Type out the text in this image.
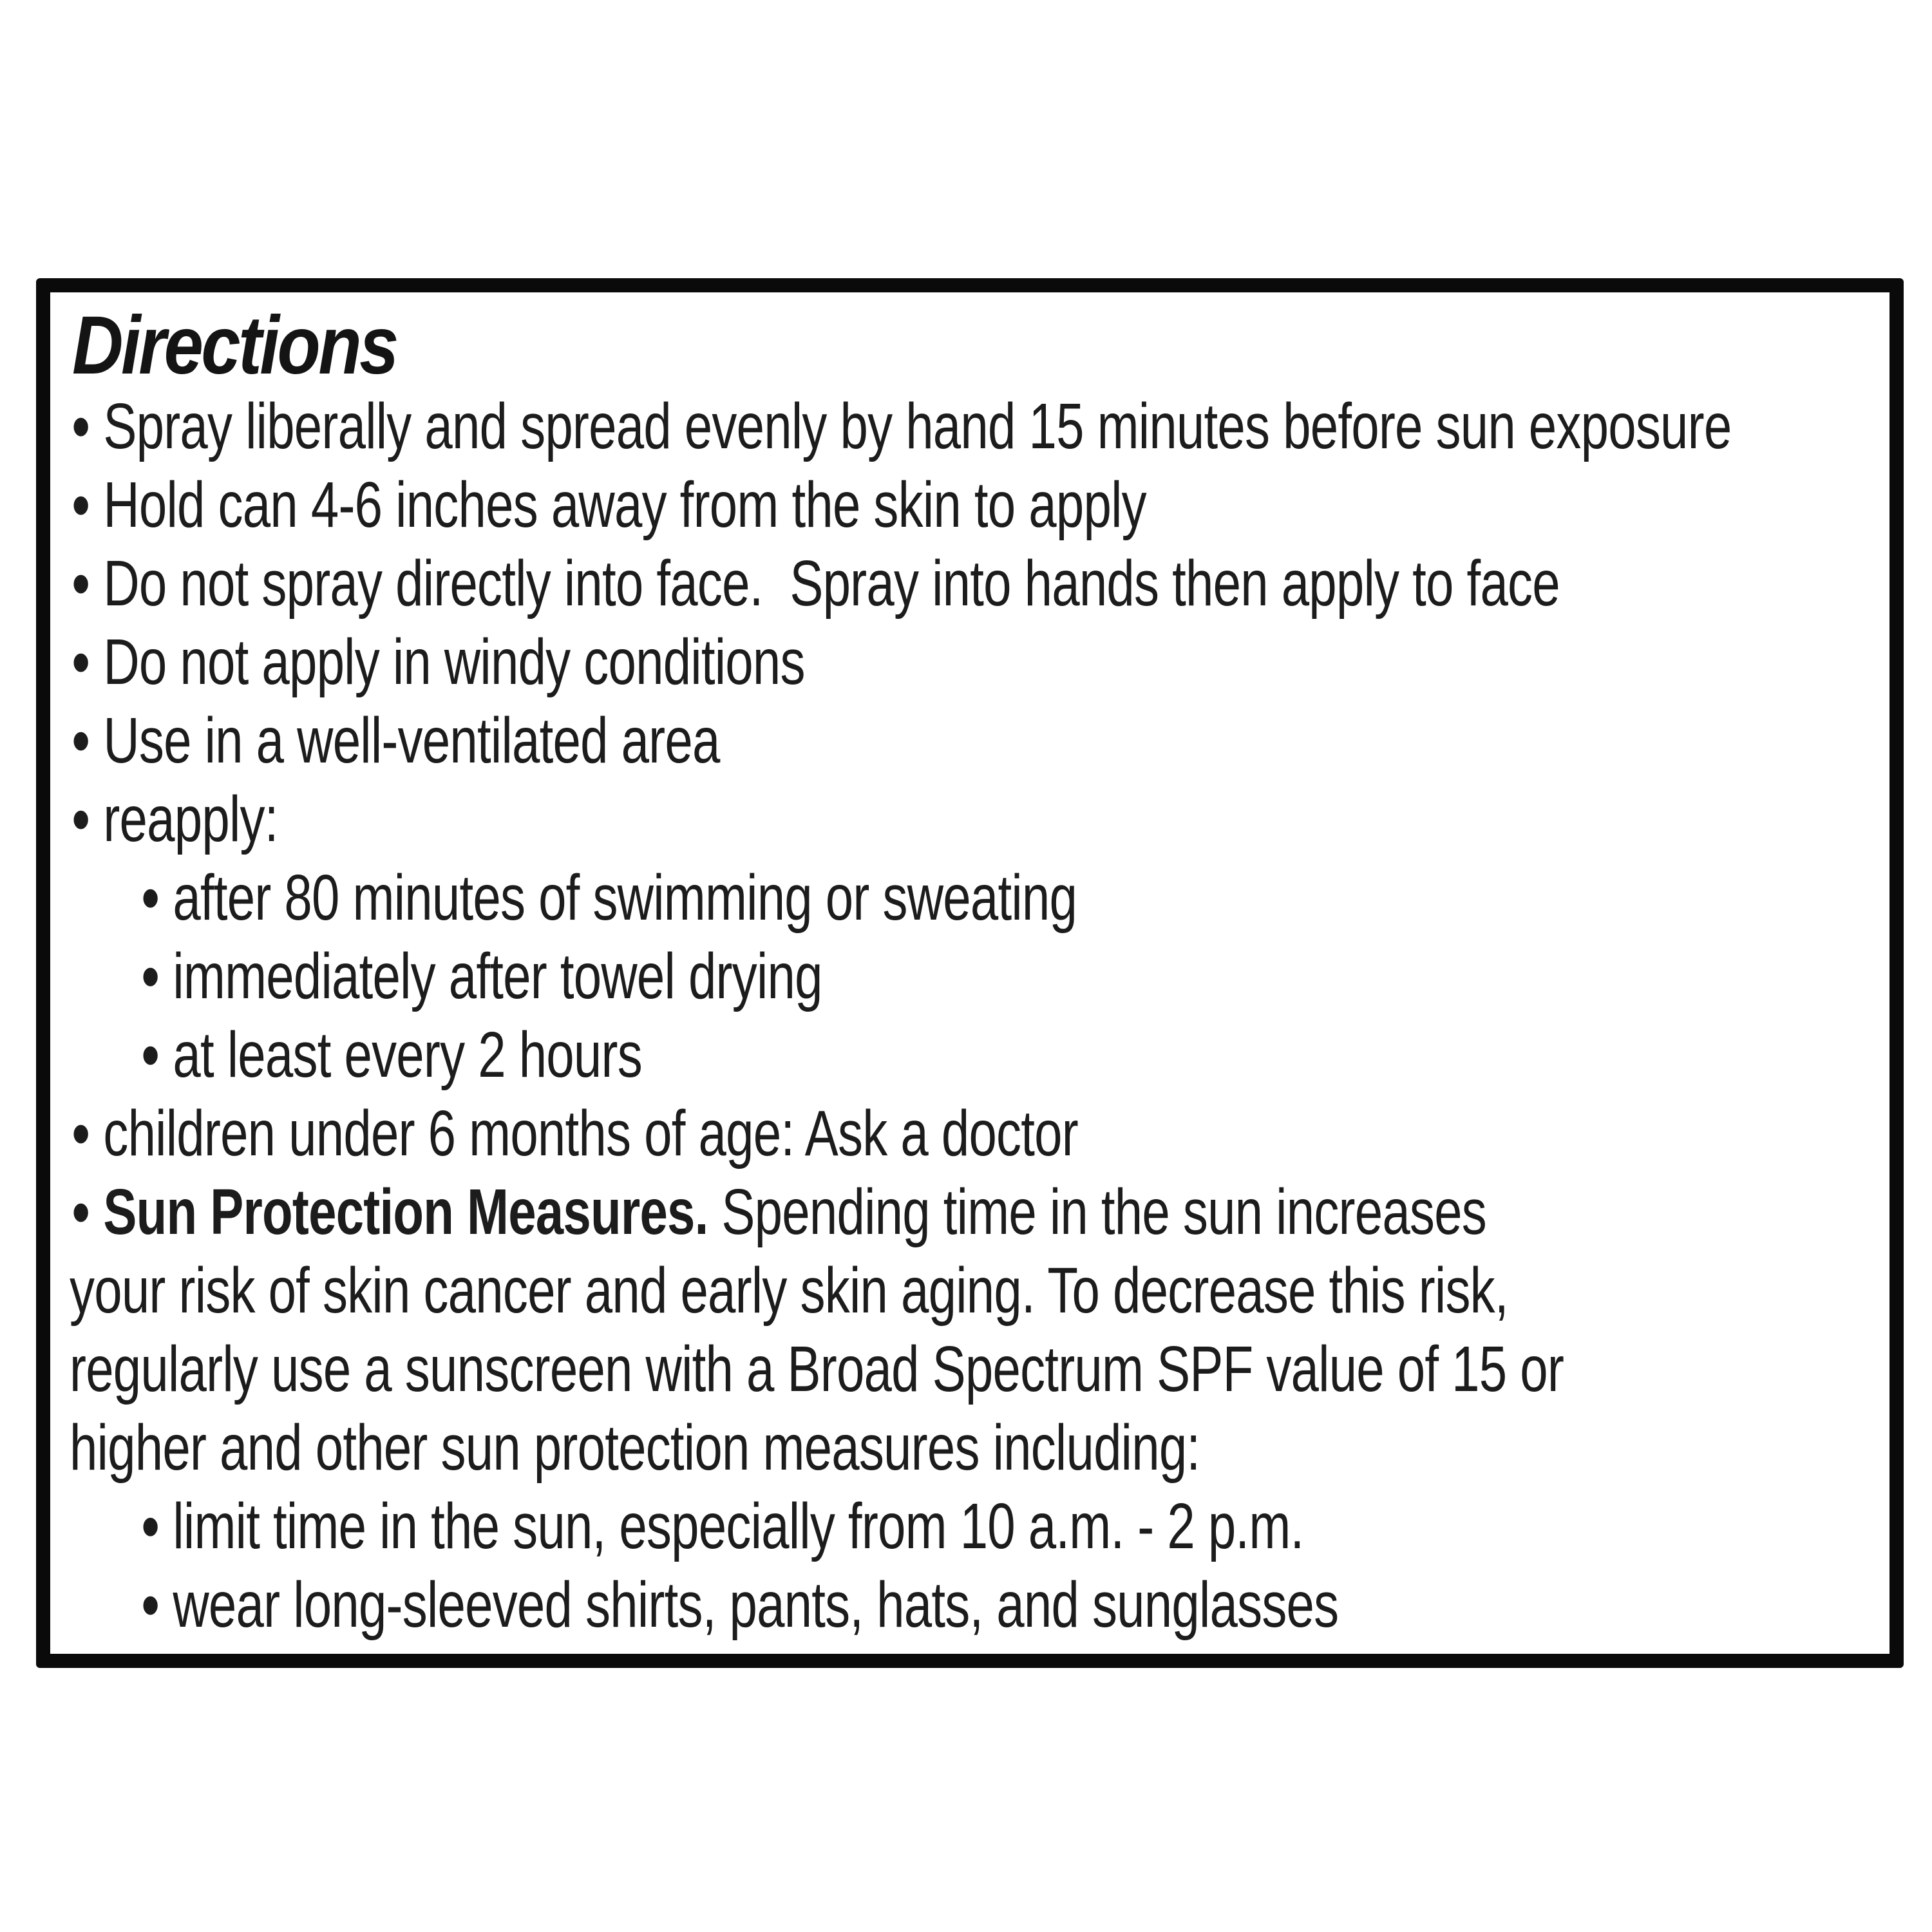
Directions
• Spray liberally and spread evenly by hand 15 minutes before sun exposure
• Hold can 4-6 inches away from the skin to apply
• Do not spray directly into face.  Spray into hands then apply to face
• Do not apply in windy conditions
• Use in a well-ventilated area
• reapply:
• after 80 minutes of swimming or sweating
• immediately after towel drying
• at least every 2 hours
• children under 6 months of age: Ask a doctor
• Sun Protection Measures. Spending time in the sun increases
your risk of skin cancer and early skin aging. To decrease this risk,
regularly use a sunscreen with a Broad Spectrum SPF value of 15 or
higher and other sun protection measures including:
• limit time in the sun, especially from 10 a.m. - 2 p.m.
• wear long-sleeved shirts, pants, hats, and sunglasses
